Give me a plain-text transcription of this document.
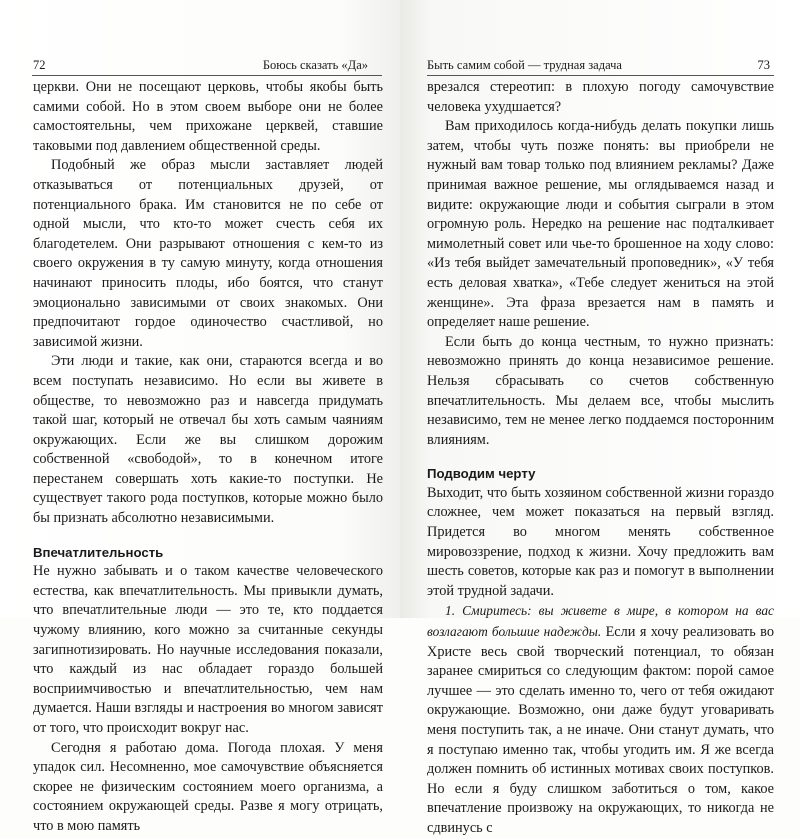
72	Боюсь сказать «Да»

церкви. Они не посещают церковь, чтобы якобы быть самими собой. Но в этом своем выборе они не более самостоятельны, чем прихожане церквей, ставшие таковыми под давлением общественной среды.

Подобный же образ мысли заставляет людей отказываться от потенциальных друзей, от потенциального брака. Им становится не по себе от одной мысли, что кто-то может счесть себя их благодетелем. Они разрывают отношения с кем-то из своего окружения в ту самую минуту, когда отношения начинают приносить плоды, ибо боятся, что станут эмоционально зависимыми от своих знакомых. Они предпочитают гордое одиночество счастливой, но зависимой жизни.

Эти люди и такие, как они, стараются всегда и во всем поступать независимо. Но если вы живете в обществе, то невозможно раз и навсегда придумать такой шаг, который не отвечал бы хоть самым чаяниям окружающих. Если же вы слишком дорожим собственной «свободой», то в конечном итоге перестанем совершать хоть какие-то поступки. Не существует такого рода поступков, которые можно было бы признать абсолютно независимыми.

Впечатлительность

Не нужно забывать и о таком качестве человеческого естества, как впечатлительность. Мы привыкли думать, что впечатлительные люди — это те, кто поддается чужому влиянию, кого можно за считанные секунды загипнотизировать. Но научные исследования показали, что каждый из нас обладает гораздо большей восприимчивостью и впечатлительностью, чем нам думается. Наши взгляды и настроения во многом зависят от того, что происходит вокруг нас.

Сегодня я работаю дома. Погода плохая. У меня упадок сил. Несомненно, мое самочувствие объясняется скорее не физическим состоянием моего организма, а состоянием окружающей среды. Разве я могу отрицать, что в мою память

Быть самим собой — трудная задача	73

врезался стереотип: в плохую погоду самочувствие человека ухудшается?

Вам приходилось когда-нибудь делать покупки лишь затем, чтобы чуть позже понять: вы приобрели не нужный вам товар только под влиянием рекламы? Даже принимая важное решение, мы оглядываемся назад и видите: окружающие люди и события сыграли в этом огромную роль. Нередко на решение нас подталкивает мимолетный совет или чье-то брошенное на ходу слово: «Из тебя выйдет замечательный проповедник», «У тебя есть деловая хватка», «Тебе следует жениться на этой женщине». Эта фраза врезается нам в память и определяет наше решение.

Если быть до конца честным, то нужно признать: невозможно принять до конца независимое решение. Нельзя сбрасывать со счетов собственную впечатлительность. Мы делаем все, чтобы мыслить независимо, тем не менее легко поддаемся посторонним влияниям.

Подводим черту

Выходит, что быть хозяином собственной жизни гораздо сложнее, чем может показаться на первый взгляд. Придется во многом менять собственное мировоззрение, подход к жизни. Хочу предложить вам шесть советов, которые как раз и помогут в выполнении этой трудной задачи.

1. Смиритесь: вы живете в мире, в котором на вас возлагают большие надежды. Если я хочу реализовать во Христе весь свой творческий потенциал, то обязан заранее смириться со следующим фактом: порой самое лучшее — это сделать именно то, чего от тебя ожидают окружающие. Возможно, они даже будут уговаривать меня поступить так, а не иначе. Они станут думать, что я поступаю именно так, чтобы угодить им. Я же всегда должен помнить об истинных мотивах своих поступков. Но если я буду слишком заботиться о том, какое впечатление произвожу на окружающих, то никогда не сдвинусь с
